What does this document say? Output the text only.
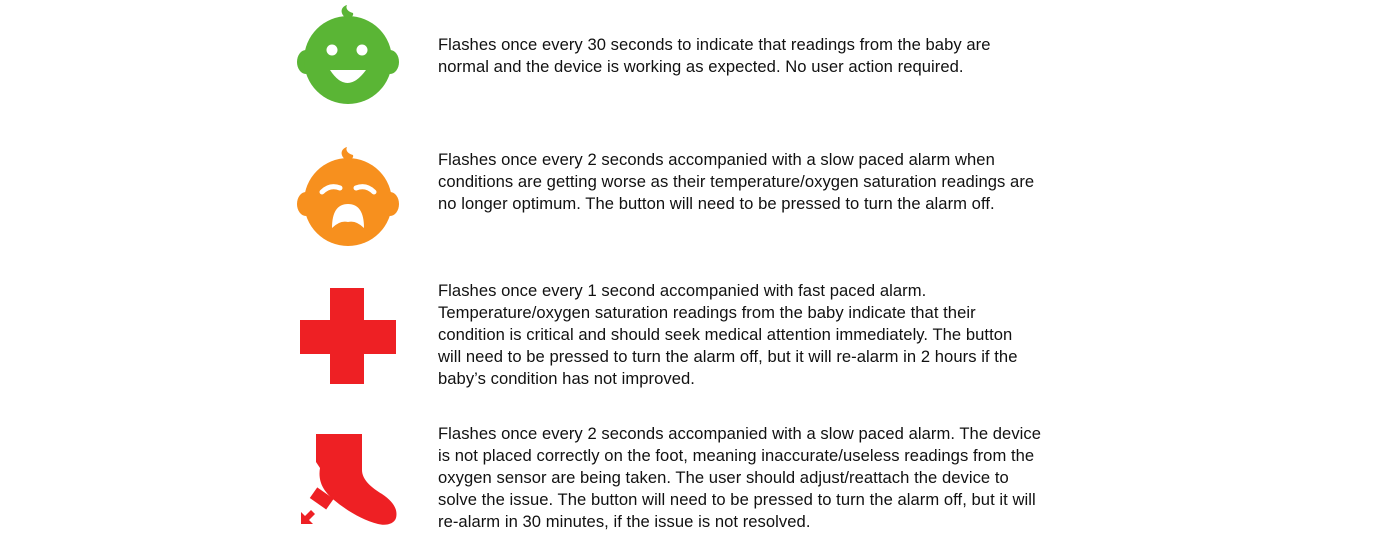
Flashes once every 30 seconds to indicate that readings from the baby are
normal and the device is working as expected. No user action required.

Flashes once every 2 seconds accompanied with a slow paced alarm when
conditions are getting worse as their temperature/oxygen saturation readings are
no longer optimum. The button will need to be pressed to turn the alarm off.

Flashes once every 1 second accompanied with fast paced alarm.
Temperature/oxygen saturation readings from the baby indicate that their
condition is critical and should seek medical attention immediately. The button
will need to be pressed to turn the alarm off, but it will re-alarm in 2 hours if the
baby’s condition has not improved.

Flashes once every 2 seconds accompanied with a slow paced alarm. The device
is not placed correctly on the foot, meaning inaccurate/useless readings from the
oxygen sensor are being taken. The user should adjust/reattach the device to
solve the issue. The button will need to be pressed to turn the alarm off, but it will
re-alarm in 30 minutes, if the issue is not resolved.
